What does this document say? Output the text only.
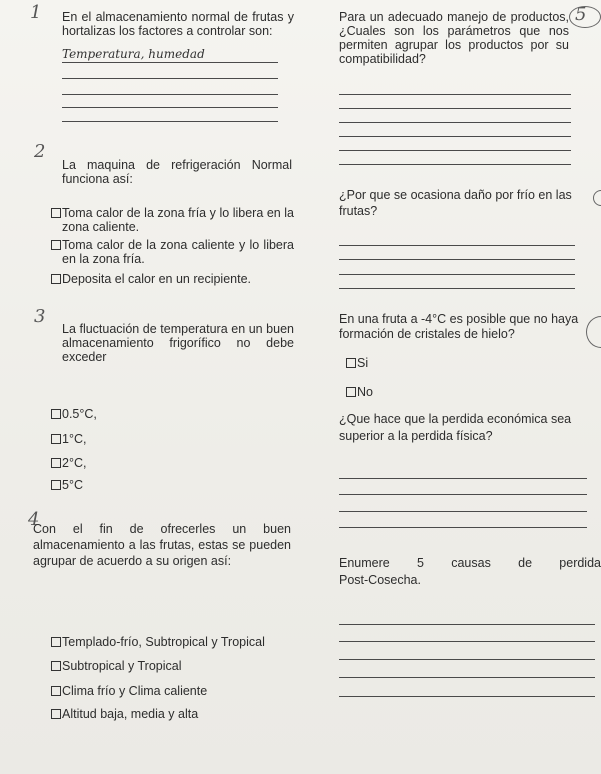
1 En el almacenamiento normal de frutas y hortalizas los factores a controlar son:
Temperatura, humedad
2
La maquina de refrigeración Normal funciona así:
Toma calor de la zona fría y lo libera en la zona caliente.
Toma calor de la zona caliente y lo libera en la zona fría.
Deposita el calor en un recipiente.
3
La fluctuación de temperatura en un buen almacenamiento frigorífico no debe exceder
0.5°C,
1°C,
2°C,
5°C
4
Con el fin de ofrecerles un buen almacenamiento a las frutas, estas se pueden agrupar de acuerdo a su origen así:
Templado-frío, Subtropical y Tropical
Subtropical y Tropical
Clima frío y Clima caliente
Altitud baja, media y alta
5
Para un adecuado manejo de productos, ¿Cuales son los parámetros que nos permiten agrupar los productos por su compatibilidad?
¿Por que se ocasiona daño por frío en las frutas?
En una fruta a -4°C es posible que no haya formación de cristales de hielo?
Si
No
¿Que hace que la perdida económica sea superior a la perdida física?
Enumere 5 causas de perdida Post-Cosecha.
